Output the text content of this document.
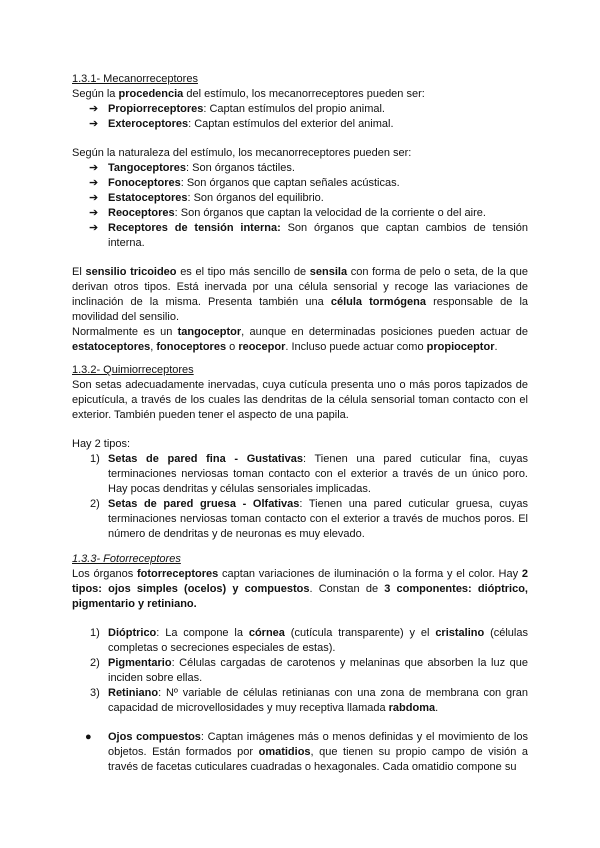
1.3.1- Mecanorreceptores

Según la procedencia del estímulo, los mecanorreceptores pueden ser:

➔ Propiorreceptores: Captan estímulos del propio animal.
➔ Exteroceptores: Captan estímulos del exterior del animal.

Según la naturaleza del estímulo, los mecanorreceptores pueden ser:

➔ Tangoceptores: Son órganos táctiles.
➔ Fonoceptores: Son órganos que captan señales acústicas.
➔ Estatoceptores: Son órganos del equilibrio.
➔ Reoceptores: Son órganos que captan la velocidad de la corriente o del aire.
➔ Receptores de tensión interna: Son órganos que captan cambios de tensión interna.

El sensilio tricoideo es el tipo más sencillo de sensila con forma de pelo o seta, de la que derivan otros tipos. Está inervada por una célula sensorial y recoge las variaciones de inclinación de la misma. Presenta también una célula tormógena responsable de la movilidad del sensilio.

Normalmente es un tangoceptor, aunque en determinadas posiciones pueden actuar de estatoceptores, fonoceptores o reocepor. Incluso puede actuar como propioceptor.

1.3.2- Quimiorreceptores

Son setas adecuadamente inervadas, cuya cutícula presenta uno o más poros tapizados de epicutícula, a través de los cuales las dendritas de la célula sensorial toman contacto con el exterior. También pueden tener el aspecto de una papila.

Hay 2 tipos:

1) Setas de pared fina - Gustativas: Tienen una pared cuticular fina, cuyas terminaciones nerviosas toman contacto con el exterior a través de un único poro. Hay pocas dendritas y células sensoriales implicadas.
2) Setas de pared gruesa - Olfativas: Tienen una pared cuticular gruesa, cuyas terminaciones nerviosas toman contacto con el exterior a través de muchos poros. El número de dendritas y de neuronas es muy elevado.

1.3.3- Fotorreceptores

Los órganos fotorreceptores captan variaciones de iluminación o la forma y el color. Hay 2 tipos: ojos simples (ocelos) y compuestos. Constan de 3 componentes: dióptrico, pigmentario y retiniano.

1) Dióptrico: La compone la córnea (cutícula transparente) y el cristalino (células completas o secreciones especiales de estas).
2) Pigmentario: Células cargadas de carotenos y melaninas que absorben la luz que inciden sobre ellas.
3) Retiniano: Nº variable de células retinianas con una zona de membrana con gran capacidad de microvellosidades y muy receptiva llamada rabdoma.
● Ojos compuestos: Captan imágenes más o menos definidas y el movimiento de los objetos. Están formados por omatidios, que tienen su propio campo de visión a través de facetas cuticulares cuadradas o hexagonales. Cada omatidio compone su
